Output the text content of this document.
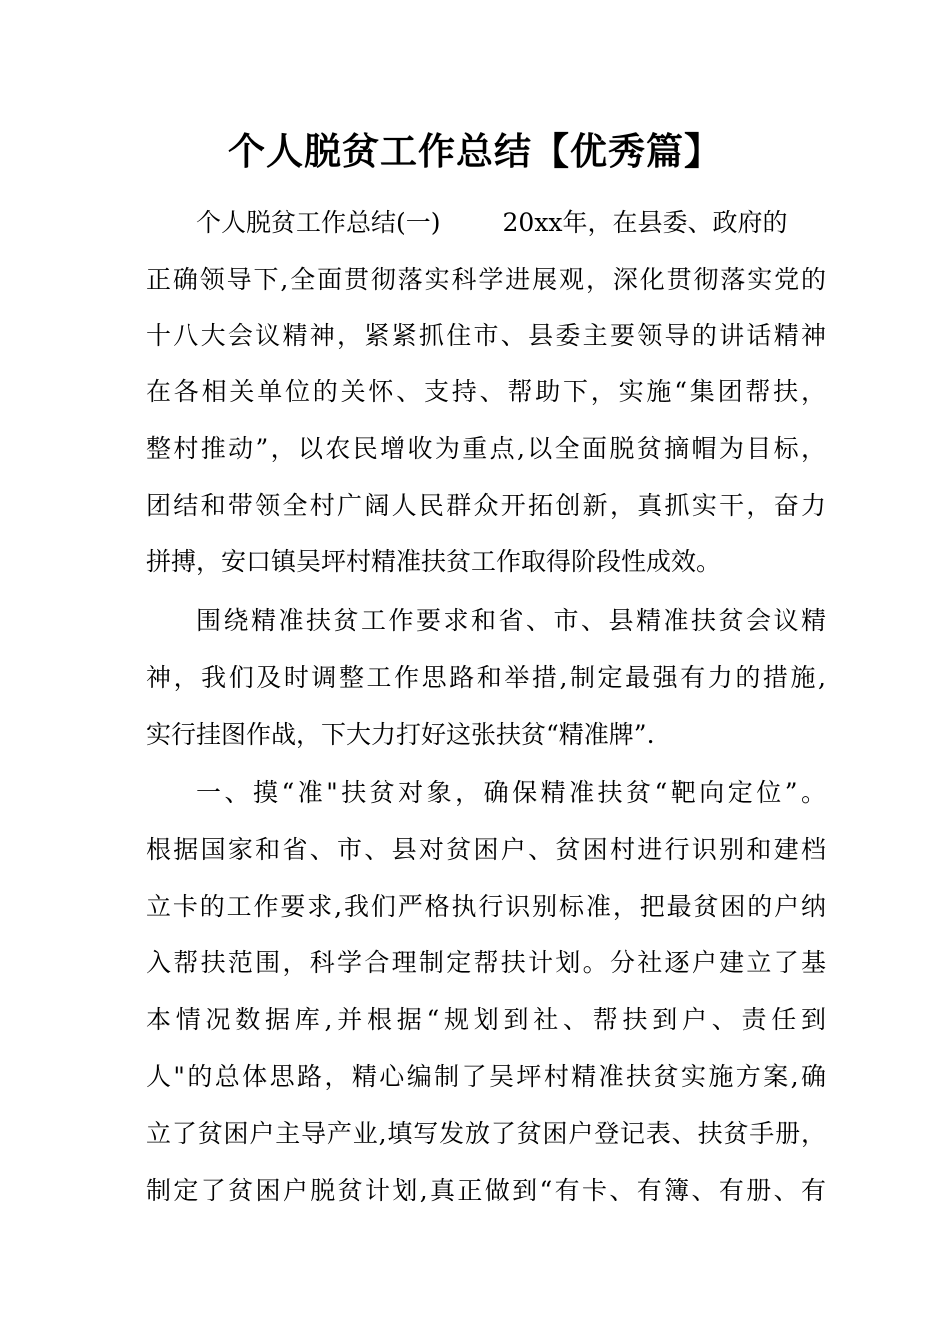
个人脱贫工作总结【优秀篇】
个人脱贫工作总结(一) 20xx年，在县委、政府的
正确领导下,全面贯彻落实科学进展观，深化贯彻落实党的
十八大会议精神，紧紧抓住市、县委主要领导的讲话精神
在各相关单位的关怀、支持、帮助下，实施“集团帮扶，
整村推动”，以农民增收为重点,以全面脱贫摘帽为目标，
团结和带领全村广阔人民群众开拓创新，真抓实干，奋力
拼搏，安口镇吴坪村精准扶贫工作取得阶段性成效。
围绕精准扶贫工作要求和省、市、县精准扶贫会议精
神，我们及时调整工作思路和举措,制定最强有力的措施,
实行挂图作战，下大力打好这张扶贫“精准牌”.
一、摸“准"扶贫对象，确保精准扶贫“靶向定位”。
根据国家和省、市、县对贫困户、贫困村进行识别和建档
立卡的工作要求,我们严格执行识别标准，把最贫困的户纳
入帮扶范围，科学合理制定帮扶计划。分社逐户建立了基
本情况数据库,并根据“规划到社、帮扶到户、责任到
人"的总体思路，精心编制了吴坪村精准扶贫实施方案,确
立了贫困户主导产业,填写发放了贫困户登记表、扶贫手册，
制定了贫困户脱贫计划,真正做到“有卡、有簿、有册、有
